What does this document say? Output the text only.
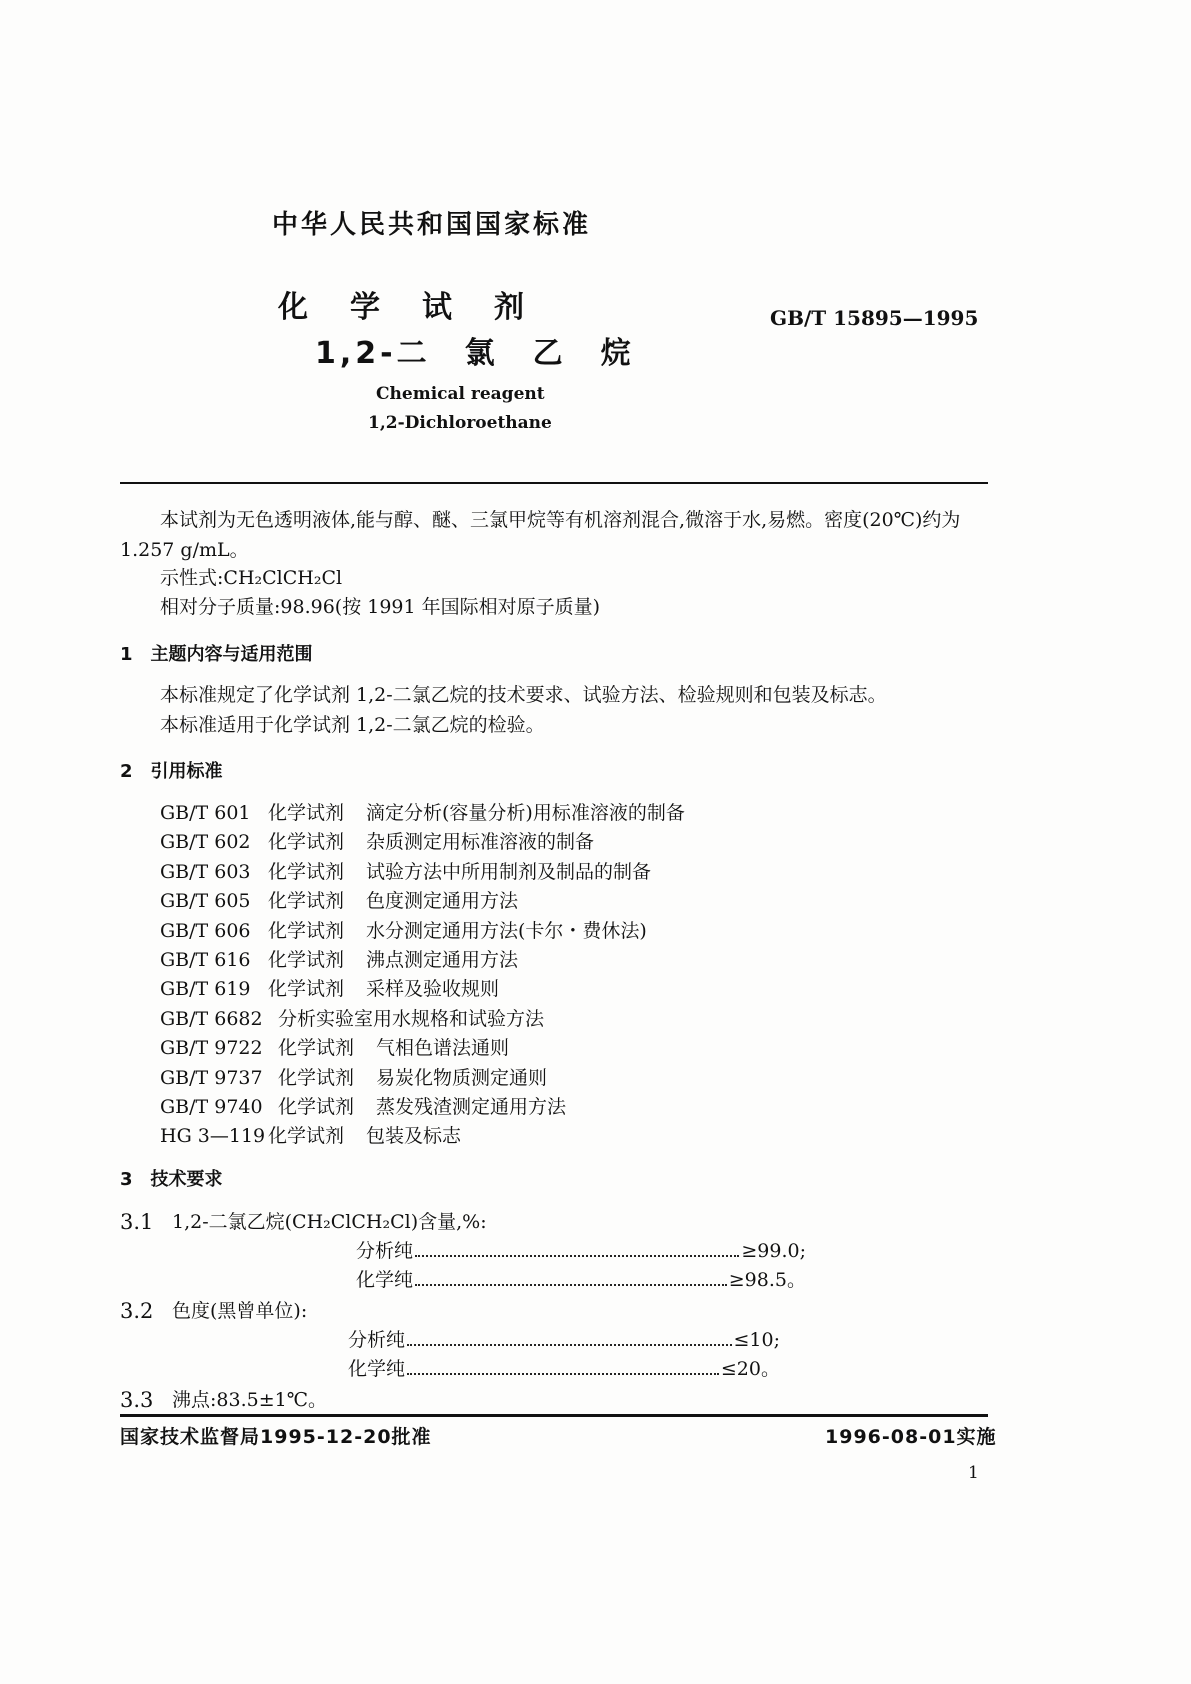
中华人民共和国国家标准
化　学　试　剂
1,2-二　氯　乙　烷
GB/T 15895—1995
Chemical reagent
1,2-Dichloroethane
本试剂为无色透明液体,能与醇、醚、三氯甲烷等有机溶剂混合,微溶于水,易燃。密度(20℃)约为
1.257 g/mL。
示性式:CH₂ClCH₂Cl
相对分子质量:98.96(按 1991 年国际相对原子质量)
1　主题内容与适用范围
本标准规定了化学试剂 1,2-二氯乙烷的技术要求、试验方法、检验规则和包装及标志。
本标准适用于化学试剂 1,2-二氯乙烷的检验。
2　引用标准
GB/T 601 化学试剂 滴定分析(容量分析)用标准溶液的制备
GB/T 602 化学试剂 杂质测定用标准溶液的制备
GB/T 603 化学试剂 试验方法中所用制剂及制品的制备
GB/T 605 化学试剂 色度测定通用方法
GB/T 606 化学试剂 水分测定通用方法(卡尔・费休法)
GB/T 616 化学试剂 沸点测定通用方法
GB/T 619 化学试剂 采样及验收规则
GB/T 6682 分析实验室用水规格和试验方法
GB/T 9722 化学试剂 气相色谱法通则
GB/T 9737 化学试剂 易炭化物质测定通则
GB/T 9740 化学试剂 蒸发残渣测定通用方法
HG 3—119 化学试剂 包装及标志
3　技术要求
3.1 1,2-二氯乙烷(CH₂ClCH₂Cl)含量,%:
分析纯	≥99.0;
化学纯	≥98.5。
3.2 色度(黑曾单位):
分析纯	≤10;
化学纯	≤20。
3.3 沸点:83.5±1℃。
国家技术监督局1995-12-20批准	1996-08-01实施
1
